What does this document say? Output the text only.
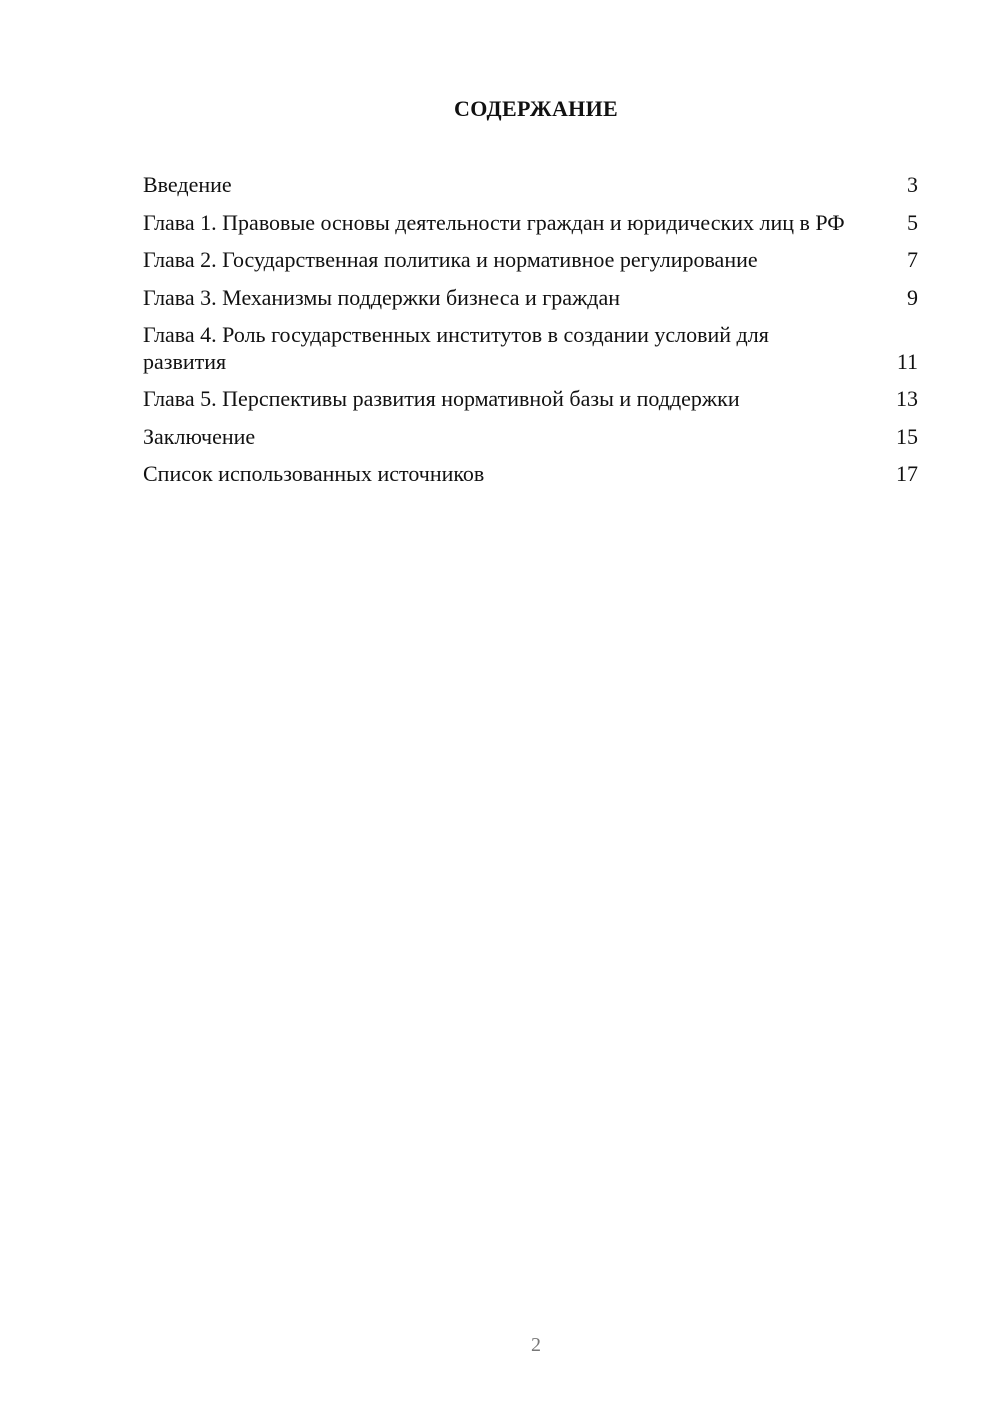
СОДЕРЖАНИЕ
Введение	3
Глава 1. Правовые основы деятельности граждан и юридических лиц в РФ	5
Глава 2. Государственная политика и нормативное регулирование	7
Глава 3. Механизмы поддержки бизнеса и граждан	9
Глава 4. Роль государственных институтов в создании условий для развития	11
Глава 5. Перспективы развития нормативной базы и поддержки	13
Заключение	15
Список использованных источников	17
2
